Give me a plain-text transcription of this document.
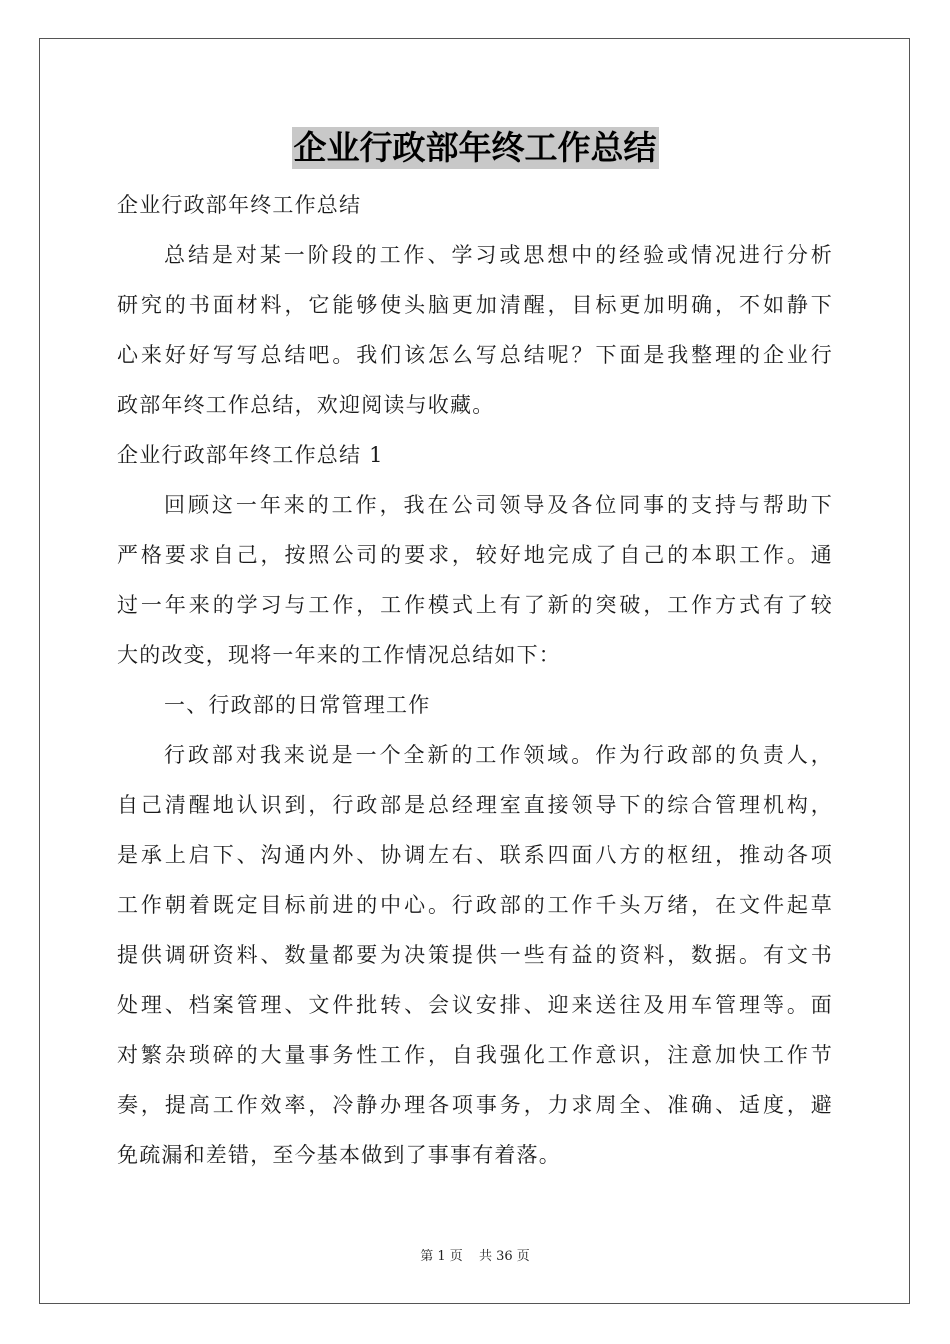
企业行政部年终工作总结
企业行政部年终工作总结
总结是对某一阶段的工作、学习或思想中的经验或情况进行分析
研究的书面材料，它能够使头脑更加清醒，目标更加明确，不如静下
心来好好写写总结吧。我们该怎么写总结呢？下面是我整理的企业行
政部年终工作总结，欢迎阅读与收藏。
企业行政部年终工作总结 1
回顾这一年来的工作，我在公司领导及各位同事的支持与帮助下
严格要求自己，按照公司的要求，较好地完成了自己的本职工作。通
过一年来的学习与工作，工作模式上有了新的突破，工作方式有了较
大的改变，现将一年来的工作情况总结如下：
一、行政部的日常管理工作
行政部对我来说是一个全新的工作领域。作为行政部的负责人，
自己清醒地认识到，行政部是总经理室直接领导下的综合管理机构，
是承上启下、沟通内外、协调左右、联系四面八方的枢纽，推动各项
工作朝着既定目标前进的中心。行政部的工作千头万绪，在文件起草
提供调研资料、数量都要为决策提供一些有益的资料，数据。有文书
处理、档案管理、文件批转、会议安排、迎来送往及用车管理等。面
对繁杂琐碎的大量事务性工作，自我强化工作意识，注意加快工作节
奏，提高工作效率，冷静办理各项事务，力求周全、准确、适度，避
免疏漏和差错，至今基本做到了事事有着落。
第 1 页 共 36 页
